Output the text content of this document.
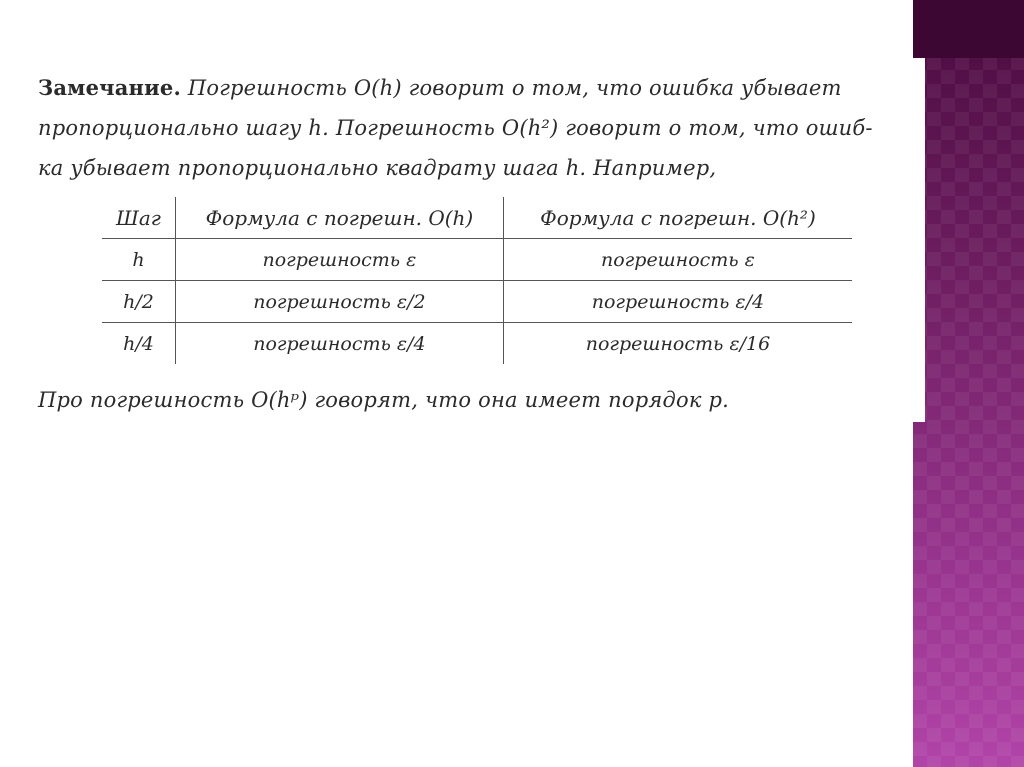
Замечание. Погрешность O(h) говорит о том, что ошибка убывает
пропорционально шагу h. Погрешность O(h²) говорит о том, что ошиб-
ка убывает пропорционально квадрату шага h. Например,

Шаг	Формула с погрешн. O(h)	Формула с погрешн. O(h²)
h	погрешность ε	погрешность ε
h/2	погрешность ε/2	погрешность ε/4
h/4	погрешность ε/4	погрешность ε/16
Про погрешность O(hᵖ) говорят, что она имеет порядок p.
